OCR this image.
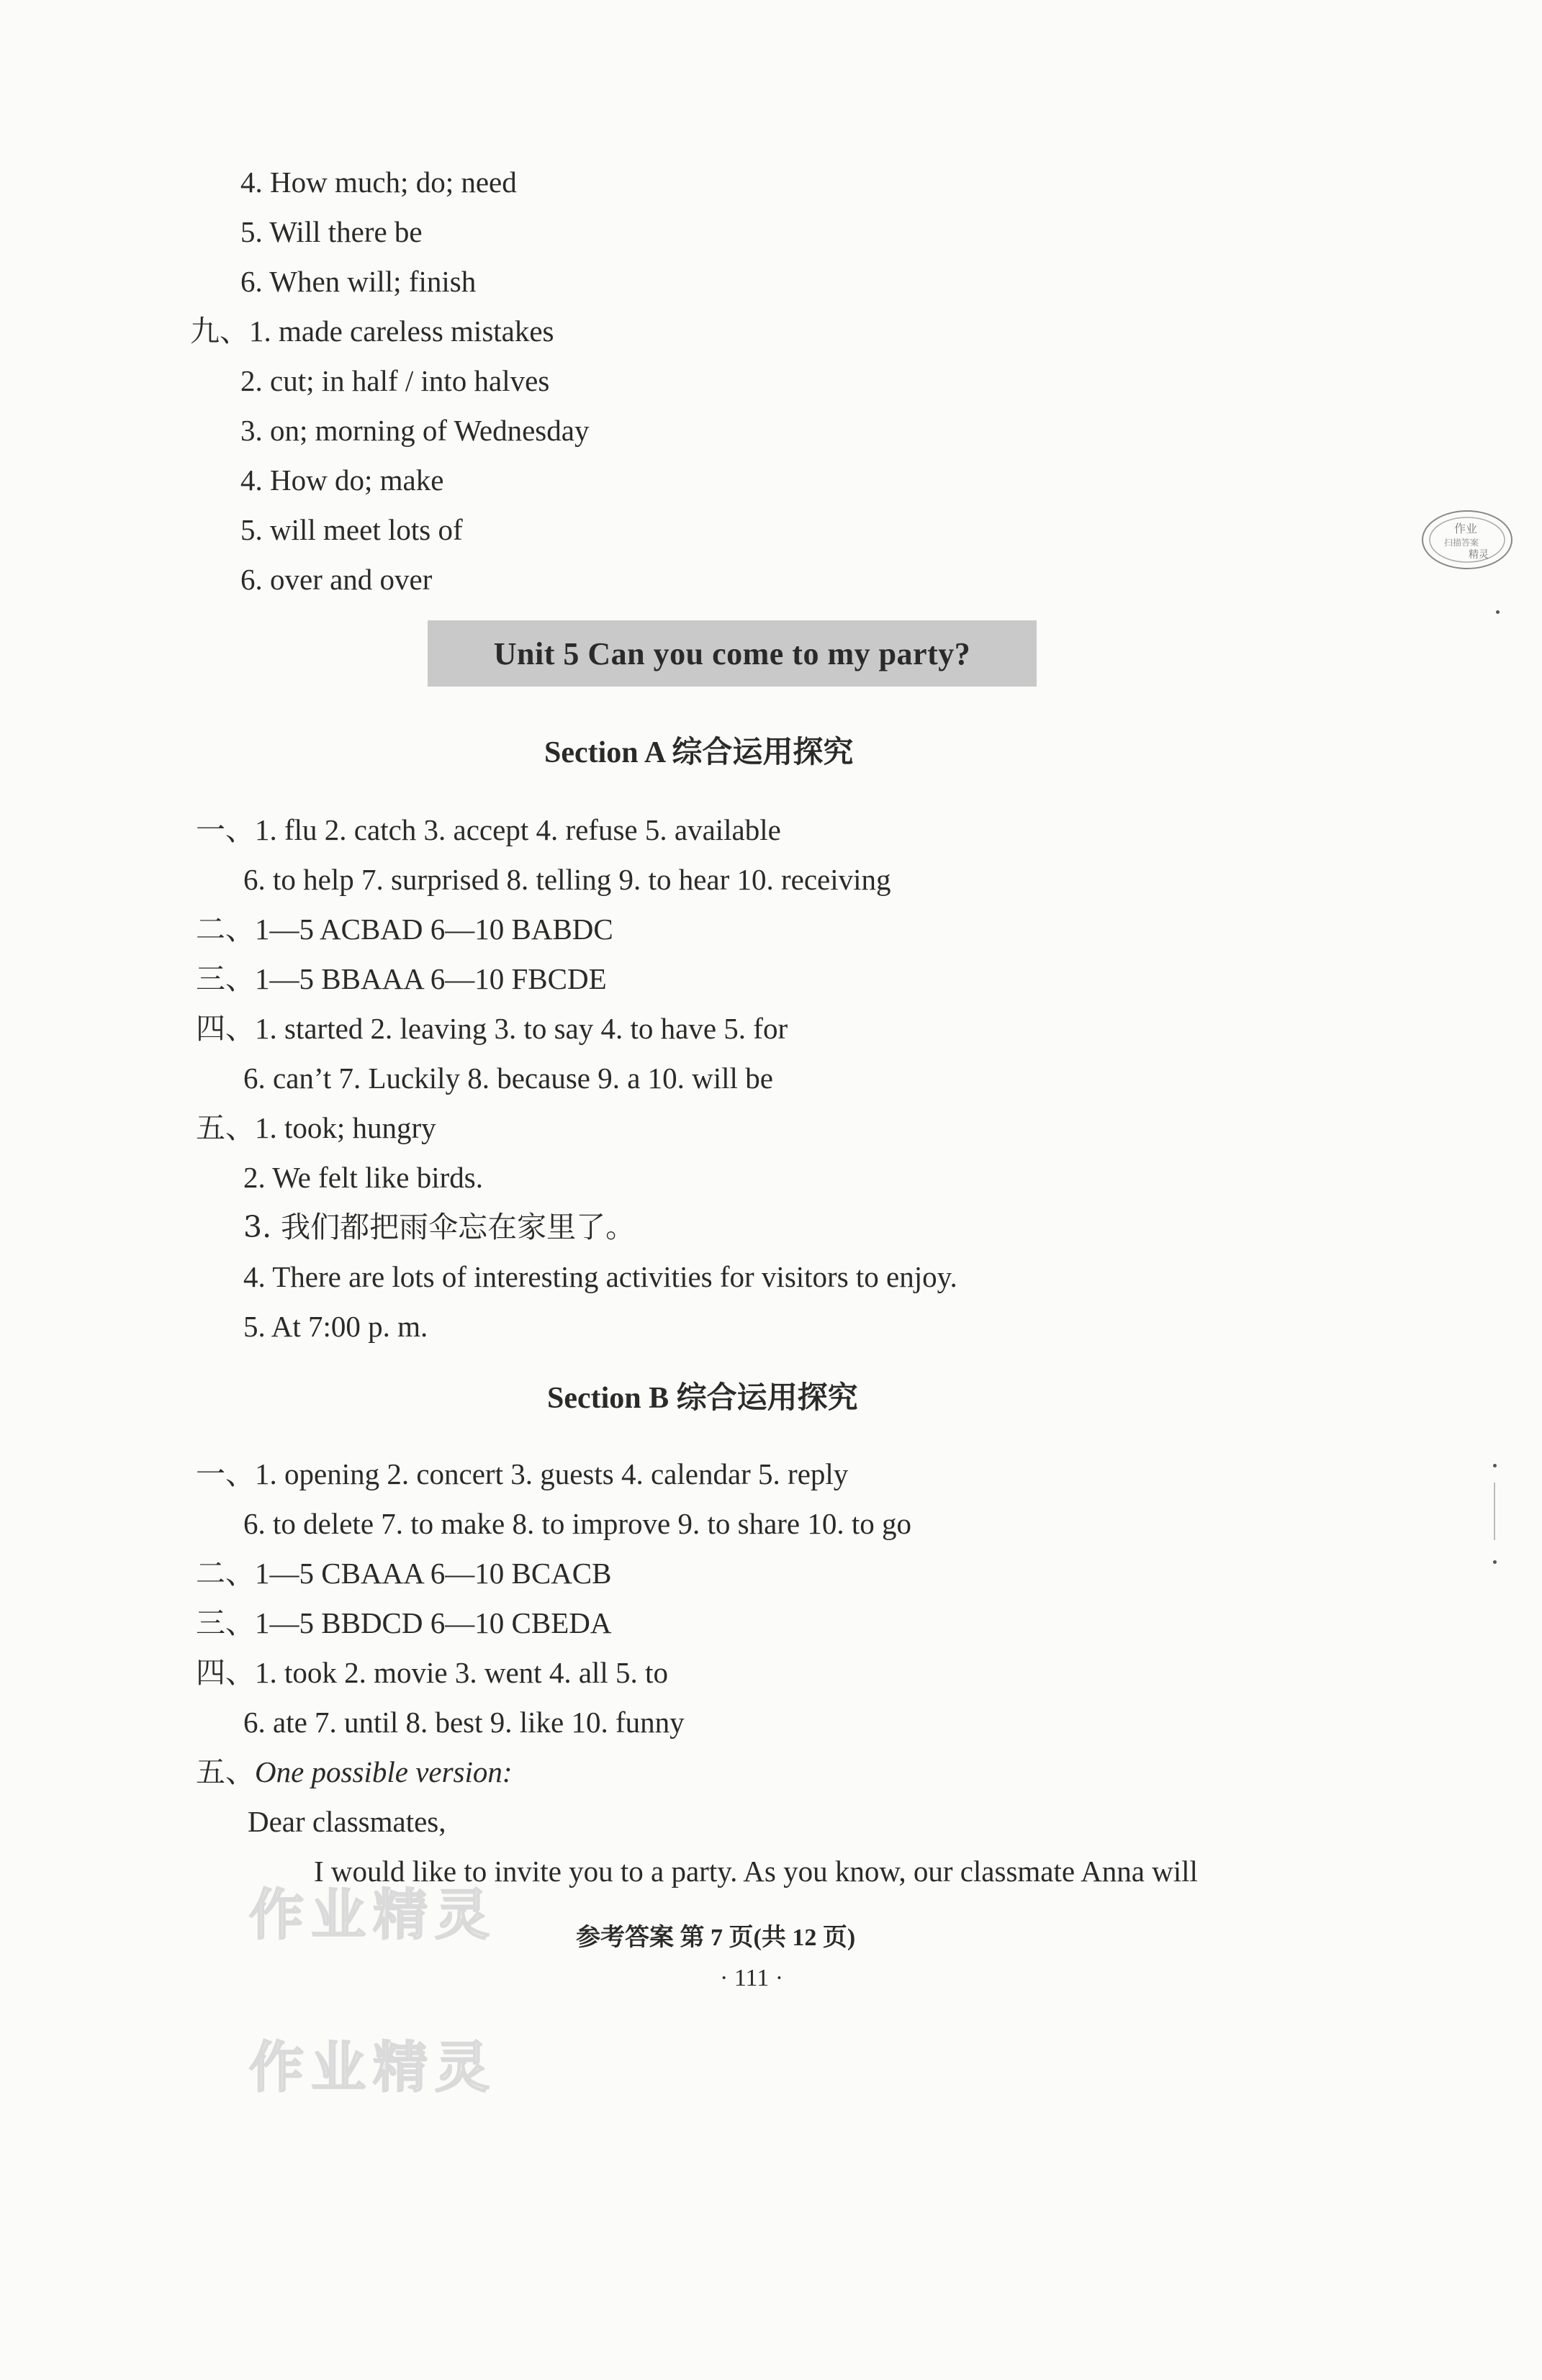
4. How much; do; need
5. Will there be
6. When will; finish
九、1. made careless mistakes
2. cut; in half / into halves
3. on; morning of Wednesday
4. How do; make
5. will meet lots of
6. over and over
Unit 5 Can you come to my party?
Section A 综合运用探究
一、1. flu 2. catch 3. accept 4. refuse 5. available
6. to help 7. surprised 8. telling 9. to hear 10. receiving
二、1—5 ACBAD 6—10 BABDC
三、1—5 BBAAA 6—10 FBCDE
四、1. started 2. leaving 3. to say 4. to have 5. for
6. can’t 7. Luckily 8. because 9. a 10. will be
五、1. took; hungry
2. We felt like birds.
3. 我们都把雨伞忘在家里了。
4. There are lots of interesting activities for visitors to enjoy.
5. At 7:00 p. m.
Section B 综合运用探究
一、1. opening 2. concert 3. guests 4. calendar 5. reply
6. to delete 7. to make 8. to improve 9. to share 10. to go
二、1—5 CBAAA 6—10 BCACB
三、1—5 BBDCD 6—10 CBEDA
四、1. took 2. movie 3. went 4. all 5. to
6. ate 7. until 8. best 9. like 10. funny
五、One possible version:
Dear classmates,
I would like to invite you to a party. As you know, our classmate Anna will
作业精灵
作业精灵
参考答案 第 7 页(共 12 页)
· 111 ·
作业
扫描答案
精灵
